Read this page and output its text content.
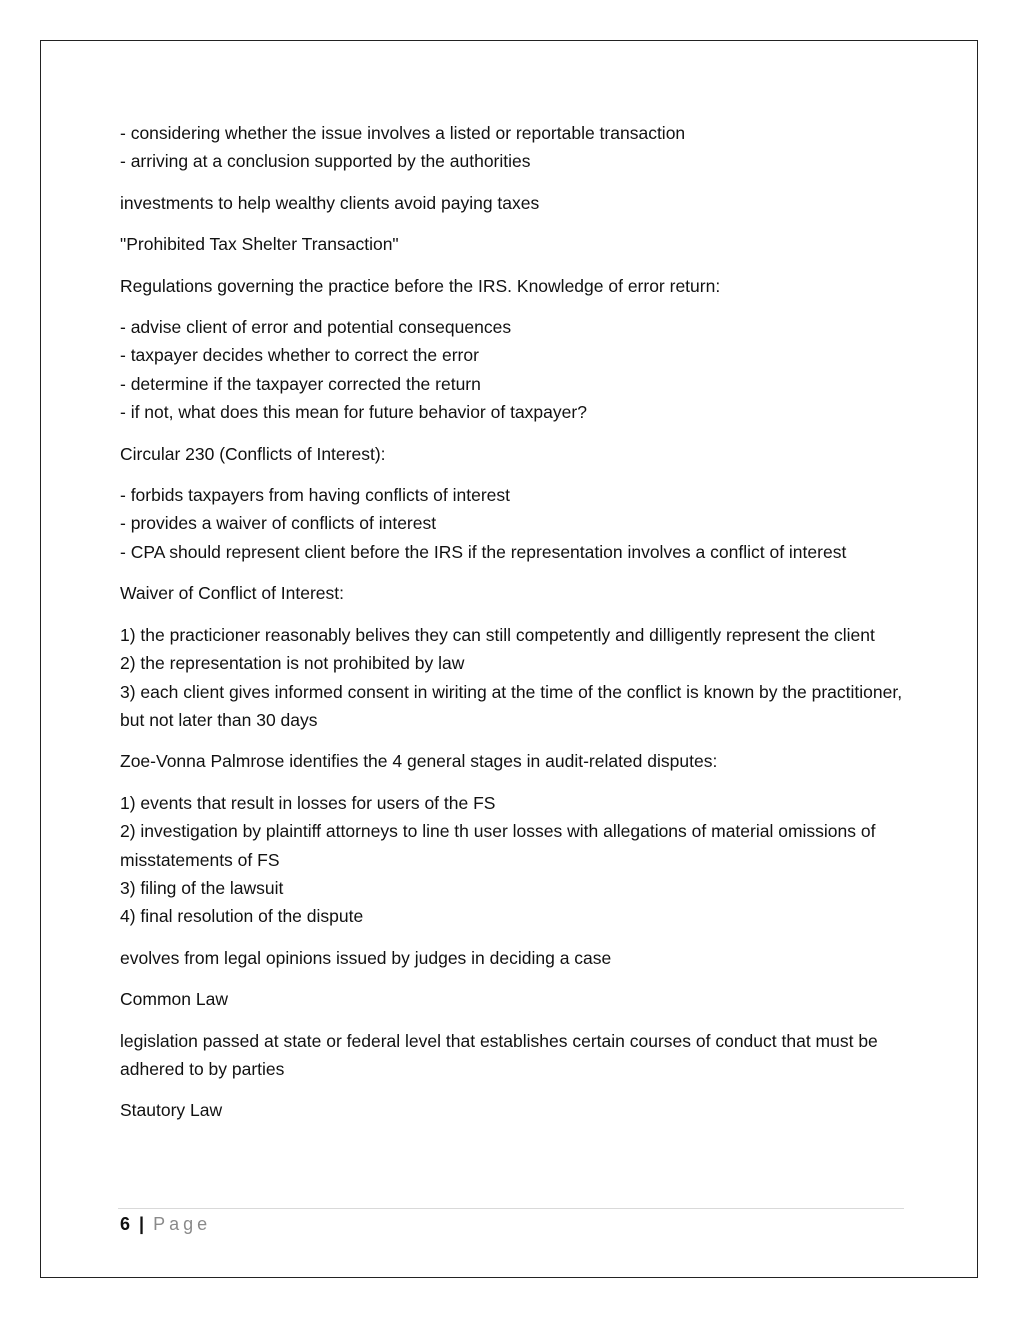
- considering whether the issue involves a listed or reportable transaction
- arriving at a conclusion supported by the authorities
investments to help wealthy clients avoid paying taxes
"Prohibited Tax Shelter Transaction"
Regulations governing the practice before the IRS. Knowledge of error return:
- advise client of error and potential consequences
- taxpayer decides whether to correct the error
- determine if the taxpayer corrected the return
- if not, what does this mean for future behavior of taxpayer?
Circular 230 (Conflicts of Interest):
- forbids taxpayers from having conflicts of interest
- provides a waiver of conflicts of interest
- CPA should represent client before the IRS if the representation involves a conflict of interest
Waiver of Conflict of Interest:
1) the practicioner reasonably belives they can still competently and dilligently represent the client
2) the representation is not prohibited by law
3) each client gives informed consent in wiriting at the time of the conflict is known by the practitioner, but not later than 30 days
Zoe-Vonna Palmrose identifies the 4 general stages in audit-related disputes:
1) events that result in losses for users of the FS
2) investigation by plaintiff attorneys to line th user losses with allegations of material omissions of misstatements of FS
3) filing of the lawsuit
4) final resolution of the dispute
evolves from legal opinions issued by judges in deciding a case
Common Law
legislation passed at state or federal level that establishes certain courses of conduct that must be adhered to by parties
Stautory Law
6 | Page
